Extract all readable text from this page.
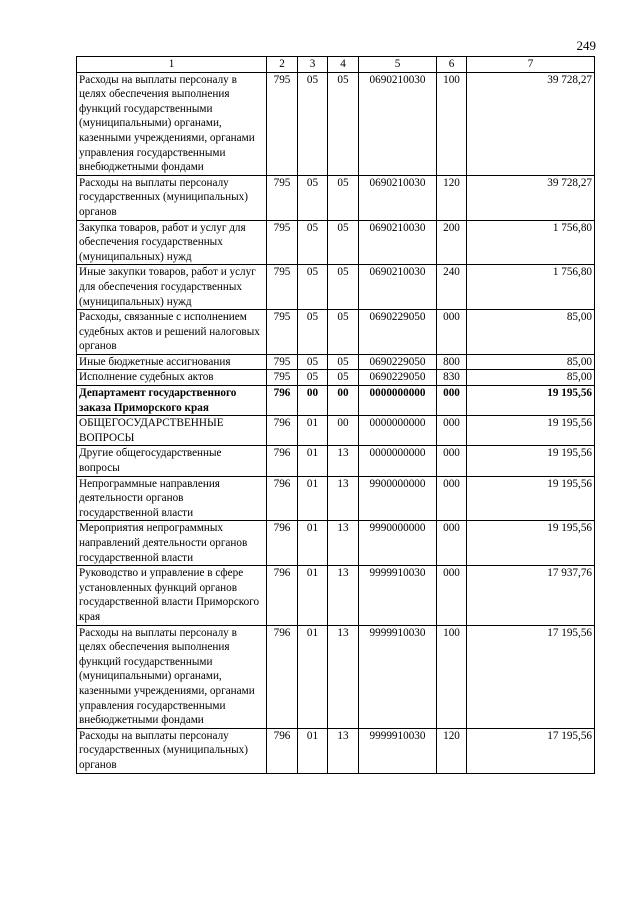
249
1	2	3	4	5	6	7
Расходы на выплаты персоналу в целях обеспечения выполнения функций государственными (муниципальными) органами, казенными учреждениями, органами управления государственными внебюджетными фондами	795	05	05	0690210030	100	39 728,27
Расходы на выплаты персоналу государственных (муниципальных) органов	795	05	05	0690210030	120	39 728,27
Закупка товаров, работ и услуг для обеспечения государственных (муниципальных) нужд	795	05	05	0690210030	200	1 756,80
Иные закупки товаров, работ и услуг для обеспечения государственных (муниципальных) нужд	795	05	05	0690210030	240	1 756,80
Расходы, связанные с исполнением судебных актов и решений налоговых органов	795	05	05	0690229050	000	85,00
Иные бюджетные ассигнования	795	05	05	0690229050	800	85,00
Исполнение судебных актов	795	05	05	0690229050	830	85,00
Департамент государственного заказа Приморского края	796	00	00	0000000000	000	19 195,56
ОБЩЕГОСУДАРСТВЕННЫЕ ВОПРОСЫ	796	01	00	0000000000	000	19 195,56
Другие общегосударственные вопросы	796	01	13	0000000000	000	19 195,56
Непрограммные направления деятельности органов государственной власти	796	01	13	9900000000	000	19 195,56
Мероприятия непрограммных направлений деятельности органов государственной власти	796	01	13	9990000000	000	19 195,56
Руководство и управление в сфере установленных функций органов государственной власти Приморского края	796	01	13	9999910030	000	17 937,76
Расходы на выплаты персоналу в целях обеспечения выполнения функций государственными (муниципальными) органами, казенными учреждениями, органами управления государственными внебюджетными фондами	796	01	13	9999910030	100	17 195,56
Расходы на выплаты персоналу государственных (муниципальных) органов	796	01	13	9999910030	120	17 195,56
